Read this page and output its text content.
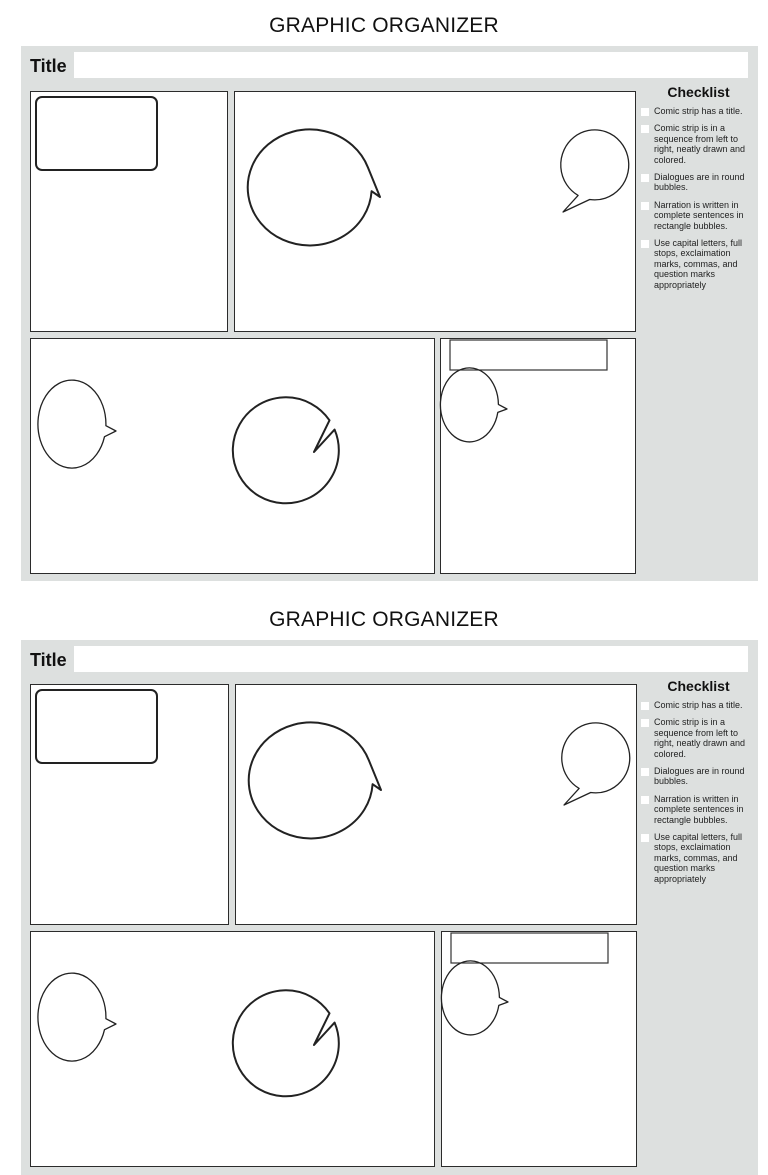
GRAPHIC ORGANIZER
Title
Checklist
Comic strip has a title.
Comic strip is in a sequence from left to right, neatly drawn and colored.
Dialogues are in round bubbles.
Narration is written in complete sentences in rectangle bubbles.
Use capital letters, full stops, exclaimation marks, commas, and question marks appropriately
GRAPHIC ORGANIZER
Title
Checklist
Comic strip has a title.
Comic strip is in a sequence from left to right, neatly drawn and colored.
Dialogues are in round bubbles.
Narration is written in complete sentences in rectangle bubbles.
Use capital letters, full stops, exclaimation marks, commas, and question marks appropriately
